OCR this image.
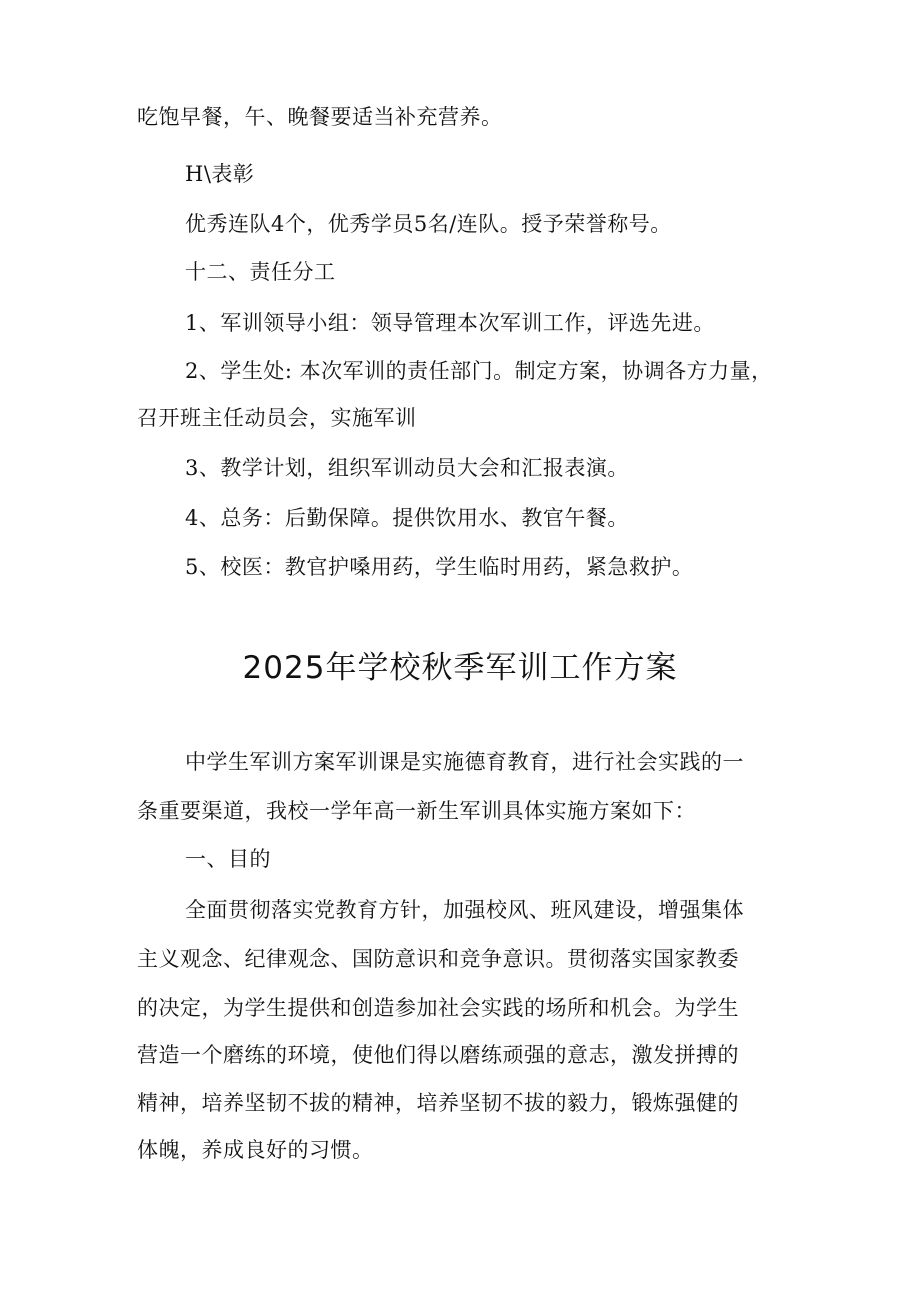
吃饱早餐，午、晚餐要适当补充营养。
H\表彰
优秀连队4个，优秀学员5名/连队。授予荣誉称号。
十二、责任分工
1、军训领导小组：领导管理本次军训工作，评选先进。
2、学生处: 本次军训的责任部门。制定方案，协调各方力量，
召开班主任动员会，实施军训
3、教学计划，组织军训动员大会和汇报表演。
4、总务：后勤保障。提供饮用水、教官午餐。
5、校医：教官护嗓用药，学生临时用药，紧急救护。
2025年学校秋季军训工作方案
中学生军训方案军训课是实施德育教育，进行社会实践的一
条重要渠道，我校一学年高一新生军训具体实施方案如下：
一、目的
全面贯彻落实党教育方针，加强校风、班风建设，增强集体
主义观念、纪律观念、国防意识和竞争意识。贯彻落实国家教委
的决定，为学生提供和创造参加社会实践的场所和机会。为学生
营造一个磨练的环境，使他们得以磨练顽强的意志，激发拼搏的
精神，培养坚韧不拔的精神，培养坚韧不拔的毅力，锻炼强健的
体魄，养成良好的习惯。
